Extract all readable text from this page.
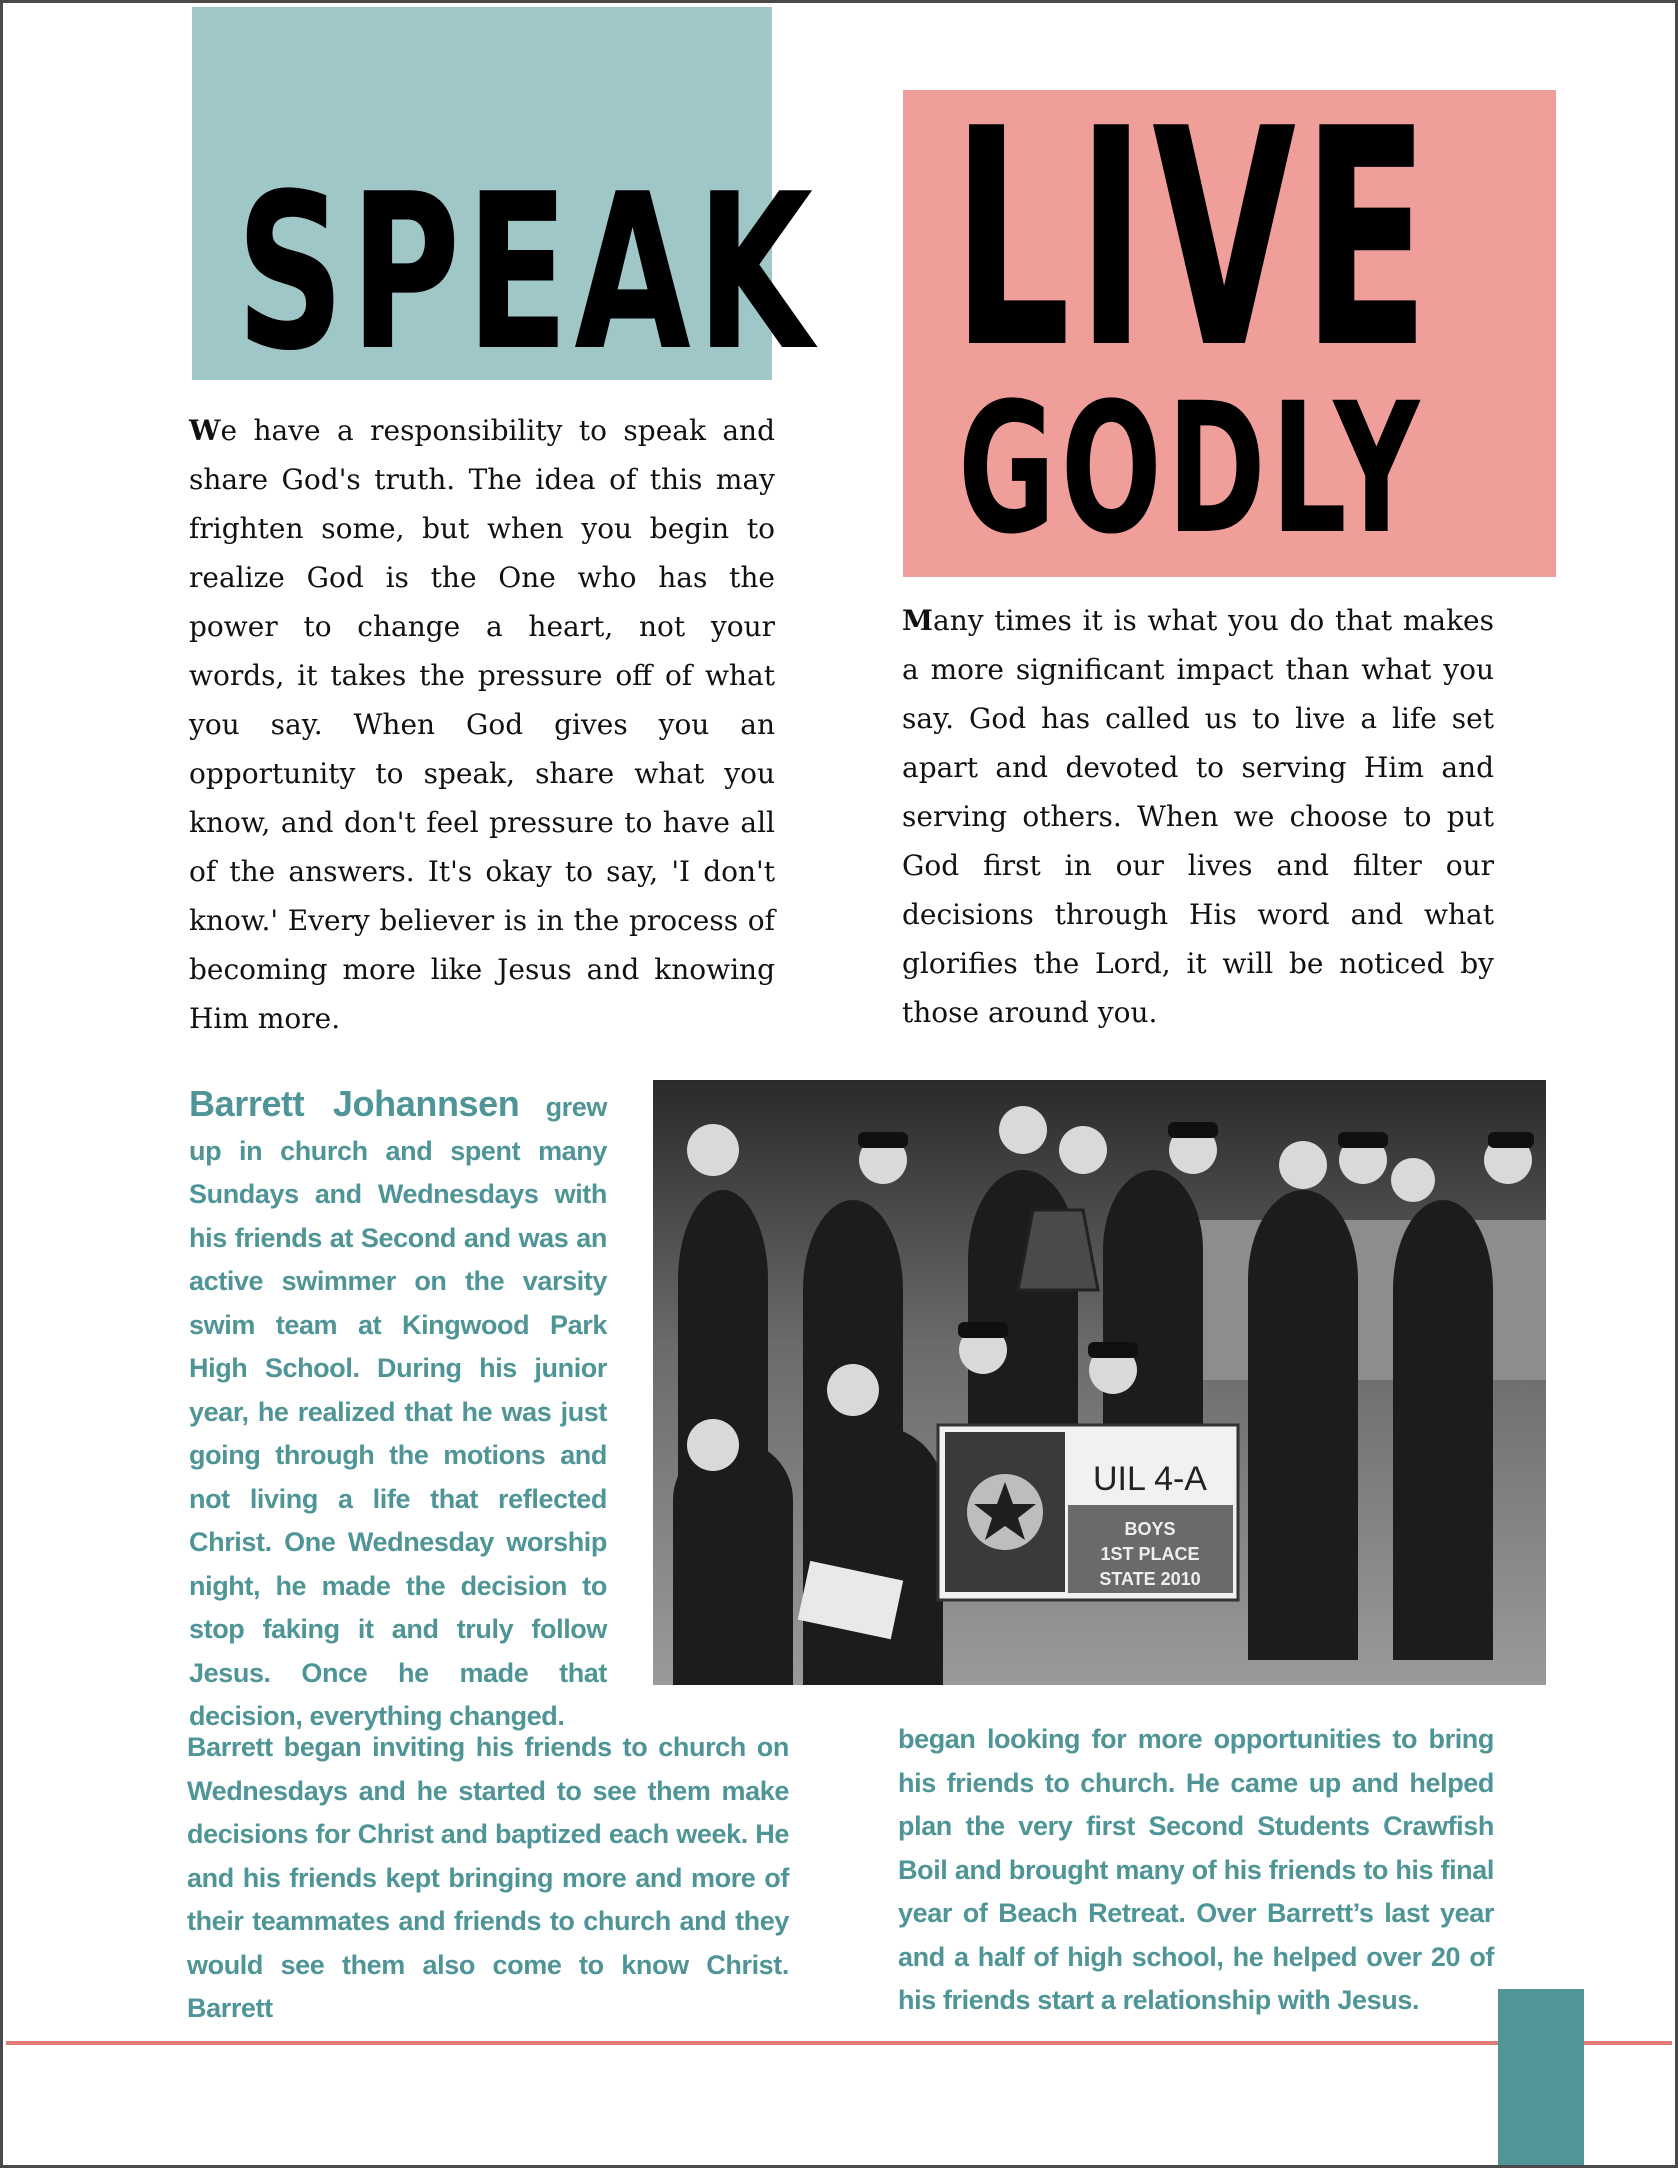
SPEAK LIVE
GODLY
We have a responsibility to speak and share God's truth. The idea of this may frighten some, but when you begin to realize God is the One who has the power to change a heart, not your words, it takes the pressure off of what you say. When God gives you an opportunity to speak, share what you know, and don't feel pressure to have all of the answers. It's okay to say, 'I don't know.' Every believer is in the process of becoming more like Jesus and knowing Him more.
Many times it is what you do that makes a more significant impact than what you say. God has called us to live a life set apart and devoted to serving Him and serving others. When we choose to put God first in our lives and filter our decisions through His word and what glorifies the Lord, it will be noticed by those around you.
Barrett Johannsen grew up in church and spent many Sundays and Wednesdays with his friends at Second and was an active swimmer on the varsity swim team at Kingwood Park High School. During his junior year, he realized that he was just going through the motions and not living a life that reflected Christ. One Wednesday worship night, he made the decision to stop faking it and truly follow Jesus. Once he made that decision, everything changed.
UIL 4-A
BOYS
1ST PLACE
STATE 2010
Barrett began inviting his friends to church on Wednesdays and he started to see them make decisions for Christ and baptized each week. He and his friends kept bringing more and more of their teammates and friends to church and they would see them also come to know Christ. Barrett
began looking for more opportunities to bring his friends to church. He came up and helped plan the very first Second Students Crawfish Boil and brought many of his friends to his final year of Beach Retreat. Over Barrett’s last year and a half of high school, he helped over 20 of his friends start a relationship with Jesus.
